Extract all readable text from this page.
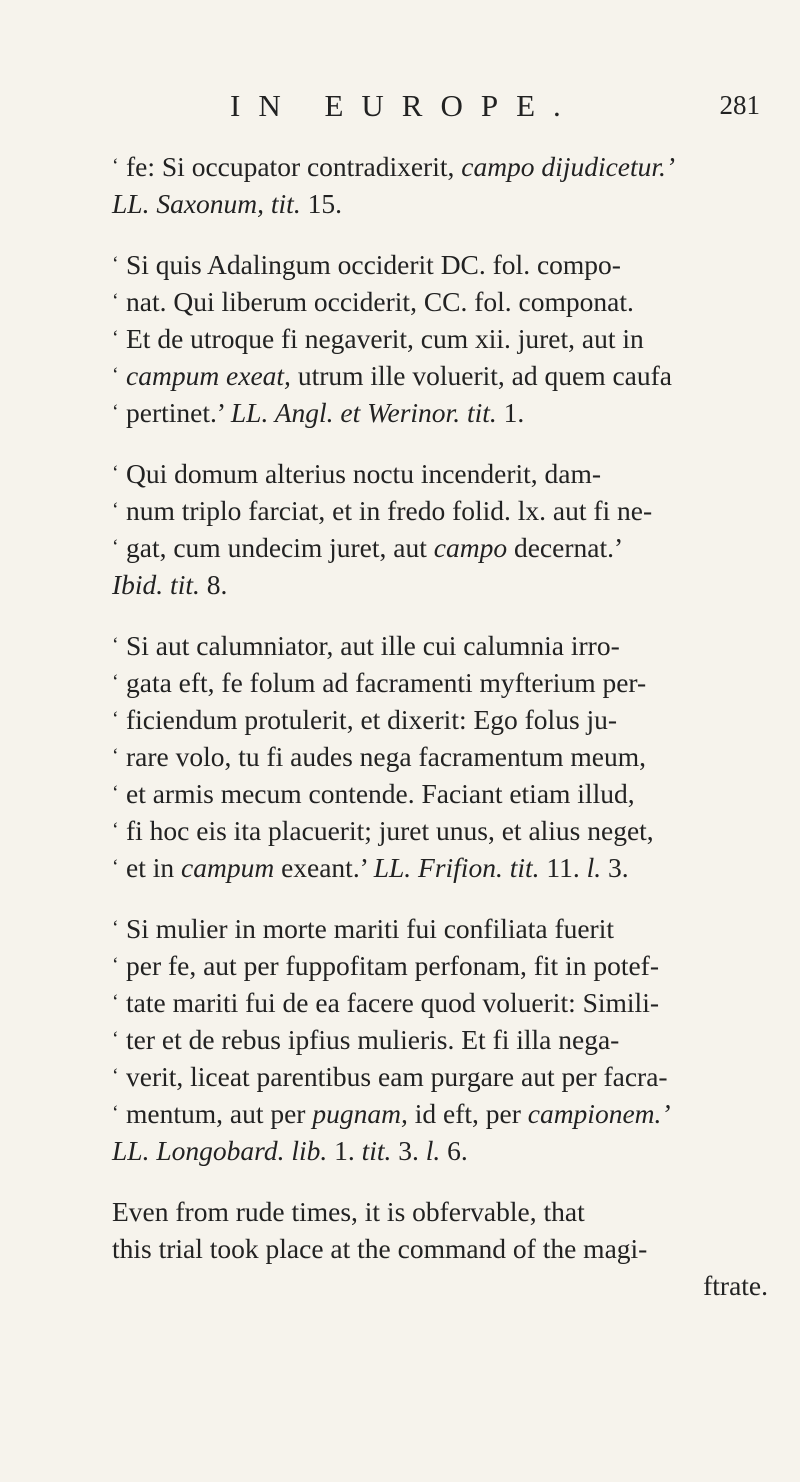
IN EUROPE.	281
‘fe: Si occupator contradixerit, campo dijudicetur.’
LL. Saxonum, tit. 15.
‘Si quis Adalingum occiderit DC. fol. compo-
‘nat. Qui liberum occiderit, CC. fol. componat.
‘Et de utroque fi negaverit, cum xii. juret, aut in
‘campum exeat, utrum ille voluerit, ad quem caufa
‘pertinet.’ LL. Angl. et Werinor. tit. 1.
‘Qui domum alterius noctu incenderit, dam-
‘num triplo farciat, et in fredo folid. lx. aut fi ne-
‘gat, cum undecim juret, aut campo decernat.’
Ibid. tit. 8.
‘Si aut calumniator, aut ille cui calumnia irro-
‘gata eft, fe folum ad facramenti myfterium per-
‘ficiendum protulerit, et dixerit: Ego folus ju-
‘rare volo, tu fi audes nega facramentum meum,
‘et armis mecum contende. Faciant etiam illud,
‘fi hoc eis ita placuerit; juret unus, et alius neget,
‘et in campum exeant.’ LL. Frifion. tit. 11. l. 3.
‘Si mulier in morte mariti fui confiliata fuerit
‘per fe, aut per fuppofitam perfonam, fit in potef-
‘tate mariti fui de ea facere quod voluerit: Simili-
‘ter et de rebus ipfius mulieris. Et fi illa nega-
‘verit, liceat parentibus eam purgare aut per facra-
‘mentum, aut per pugnam, id eft, per campionem.’
LL. Longobard. lib. 1. tit. 3. l. 6.
Even from rude times, it is obfervable, that
this trial took place at the command of the magi-
ftrate.
